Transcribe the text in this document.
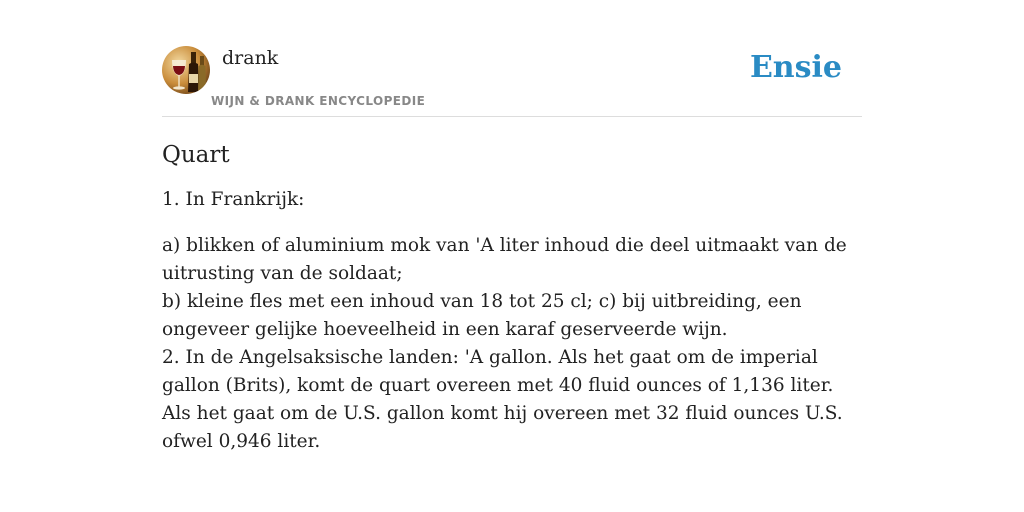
drank
WIJN & DRANK ENCYCLOPEDIE
Ensie
Quart

1. In Frankrijk:

a) blikken of aluminium mok van 'A liter inhoud die deel uitmaakt van de uitrusting van de soldaat;
b) kleine fles met een inhoud van 18 tot 25 cl; c) bij uitbreiding, een ongeveer gelijke hoeveelheid in een karaf geserveerde wijn.
2. In de Angelsaksische landen: 'A gallon. Als het gaat om de imperial gallon (Brits), komt de quart overeen met 40 fluid ounces of 1,136 liter. Als het gaat om de U.S. gallon komt hij overeen met 32 fluid ounces U.S. ofwel 0,946 liter.
